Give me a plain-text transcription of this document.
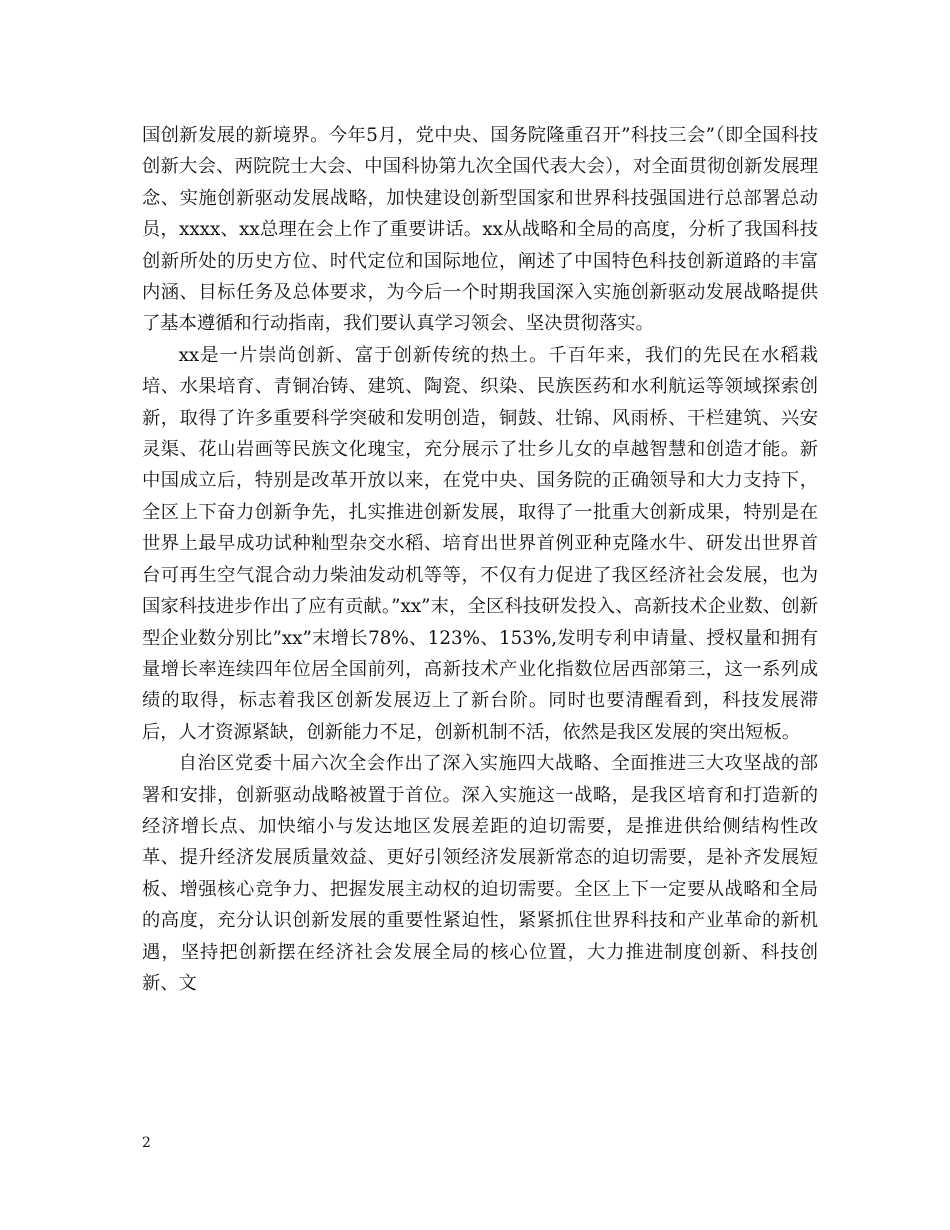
国创新发展的新境界。今年5月，党中央、国务院隆重召开”科技三会”（即全国科技创新大会、两院院士大会、中国科协第九次全国代表大会），对全面贯彻创新发展理念、实施创新驱动发展战略，加快建设创新型国家和世界科技强国进行总部署总动员，xxxx、xx总理在会上作了重要讲话。xx从战略和全局的高度，分析了我国科技创新所处的历史方位、时代定位和国际地位，阐述了中国特色科技创新道路的丰富内涵、目标任务及总体要求，为今后一个时期我国深入实施创新驱动发展战略提供了基本遵循和行动指南，我们要认真学习领会、坚决贯彻落实。

xx是一片崇尚创新、富于创新传统的热土。千百年来，我们的先民在水稻栽培、水果培育、青铜冶铸、建筑、陶瓷、织染、民族医药和水利航运等领域探索创新，取得了许多重要科学突破和发明创造，铜鼓、壮锦、风雨桥、干栏建筑、兴安灵渠、花山岩画等民族文化瑰宝，充分展示了壮乡儿女的卓越智慧和创造才能。新中国成立后，特别是改革开放以来，在党中央、国务院的正确领导和大力支持下，全区上下奋力创新争先，扎实推进创新发展，取得了一批重大创新成果，特别是在世界上最早成功试种籼型杂交水稻、培育出世界首例亚种克隆水牛、研发出世界首台可再生空气混合动力柴油发动机等等，不仅有力促进了我区经济社会发展，也为国家科技进步作出了应有贡献。”xx”末，全区科技研发投入、高新技术企业数、创新型企业数分别比”xx”末增长78%、123%、153%,发明专利申请量、授权量和拥有量增长率连续四年位居全国前列，高新技术产业化指数位居西部第三，这一系列成绩的取得，标志着我区创新发展迈上了新台阶。同时也要清醒看到，科技发展滞后，人才资源紧缺，创新能力不足，创新机制不活，依然是我区发展的突出短板。

自治区党委十届六次全会作出了深入实施四大战略、全面推进三大攻坚战的部署和安排，创新驱动战略被置于首位。深入实施这一战略，是我区培育和打造新的经济增长点、加快缩小与发达地区发展差距的迫切需要，是推进供给侧结构性改革、提升经济发展质量效益、更好引领经济发展新常态的迫切需要，是补齐发展短板、增强核心竞争力、把握发展主动权的迫切需要。全区上下一定要从战略和全局的高度，充分认识创新发展的重要性紧迫性，紧紧抓住世界科技和产业革命的新机遇，坚持把创新摆在经济社会发展全局的核心位置，大力推进制度创新、科技创新、文

2
